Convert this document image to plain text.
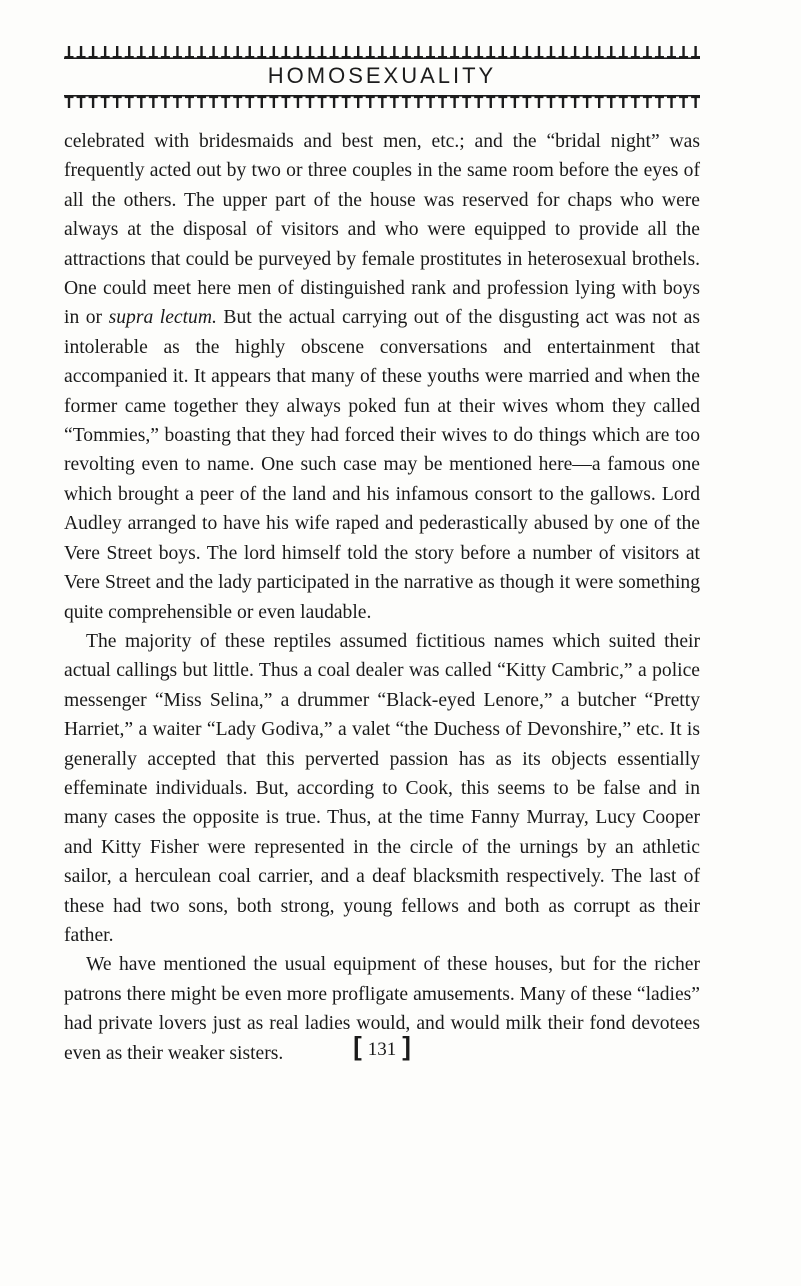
HOMOSEXUALITY

celebrated with bridesmaids and best men, etc.; and the “bridal night” was frequently acted out by two or three couples in the same room before the eyes of all the others. The upper part of the house was reserved for chaps who were always at the disposal of visitors and who were equipped to provide all the attractions that could be purveyed by female prostitutes in heterosexual brothels. One could meet here men of distinguished rank and profession lying with boys in or supra lectum. But the actual carrying out of the disgusting act was not as intolerable as the highly obscene conversations and entertainment that accompanied it. It appears that many of these youths were married and when the former came together they always poked fun at their wives whom they called “Tommies,” boasting that they had forced their wives to do things which are too revolting even to name. One such case may be mentioned here—a famous one which brought a peer of the land and his infamous consort to the gallows. Lord Audley arranged to have his wife raped and pederastically abused by one of the Vere Street boys. The lord himself told the story before a number of visitors at Vere Street and the lady participated in the narrative as though it were something quite comprehensible or even laudable.

The majority of these reptiles assumed fictitious names which suited their actual callings but little. Thus a coal dealer was called “Kitty Cambric,” a police messenger “Miss Selina,” a drummer “Black-eyed Lenore,” a butcher “Pretty Harriet,” a waiter “Lady Godiva,” a valet “the Duchess of Devonshire,” etc. It is generally accepted that this perverted passion has as its objects essentially effeminate individuals. But, according to Cook, this seems to be false and in many cases the opposite is true. Thus, at the time Fanny Murray, Lucy Cooper and Kitty Fisher were represented in the circle of the urnings by an athletic sailor, a herculean coal carrier, and a deaf blacksmith respectively. The last of these had two sons, both strong, young fellows and both as corrupt as their father.

We have mentioned the usual equipment of these houses, but for the richer patrons there might be even more profligate amusements. Many of these “ladies” had private lovers just as real ladies would, and would milk their fond devotees even as their weaker sisters.	[ 131 ]
